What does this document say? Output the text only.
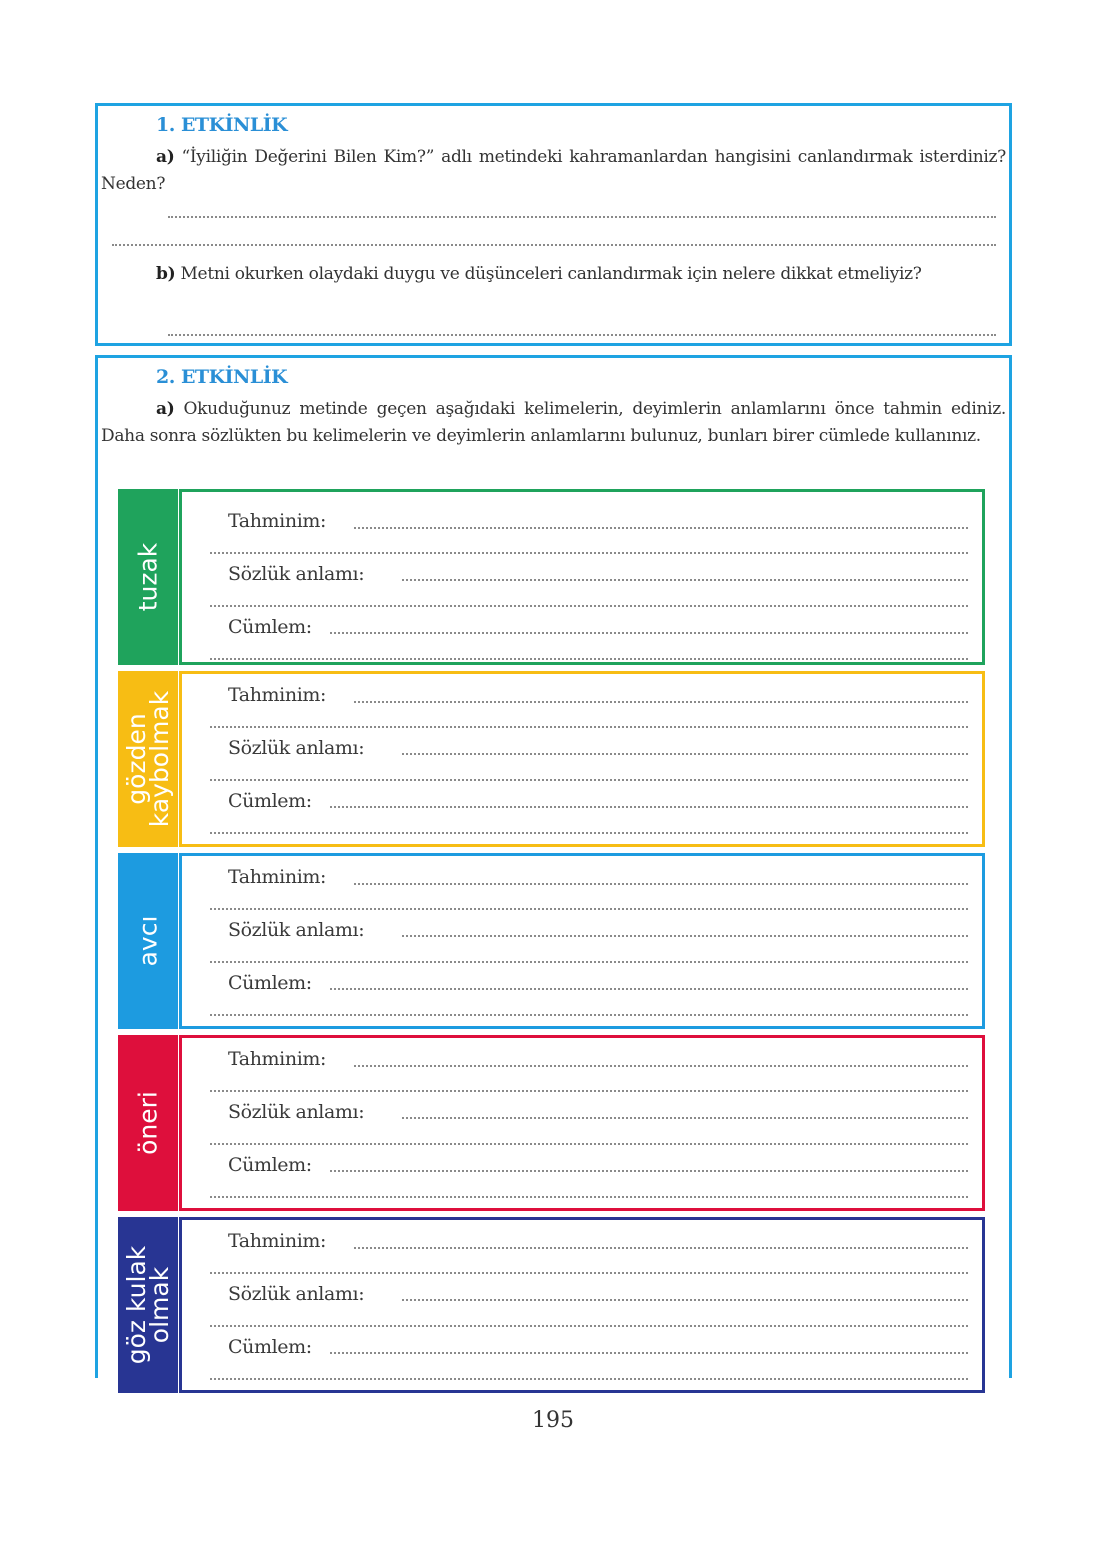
1. ETKİNLİK
a) “İyiliğin Değerini Bilen Kim?” adlı metindeki kahramanlardan hangisini canlandırmak isterdiniz? Neden?
b) Metni okurken olaydaki duygu ve düşünceleri canlandırmak için nelere dikkat etmeliyiz?
2. ETKİNLİK
a) Okuduğunuz metinde geçen aşağıdaki kelimelerin, deyimlerin anlamlarını önce tahmin ediniz. Daha sonra sözlükten bu kelimelerin ve deyimlerin anlamlarını bulunuz, bunları birer cümlede kullanınız.
tuzak
Tahminim:
Sözlük anlamı:
Cümlem:
gözden
kaybolmak	Tahminim:
Sözlük anlamı:
Cümlem:
avcı
Tahminim:
Sözlük anlamı:
Cümlem:
öneri
Tahminim:
Sözlük anlamı:
Cümlem:
göz kulak
olmak
Tahminim:
Sözlük anlamı:
Cümlem:
195
